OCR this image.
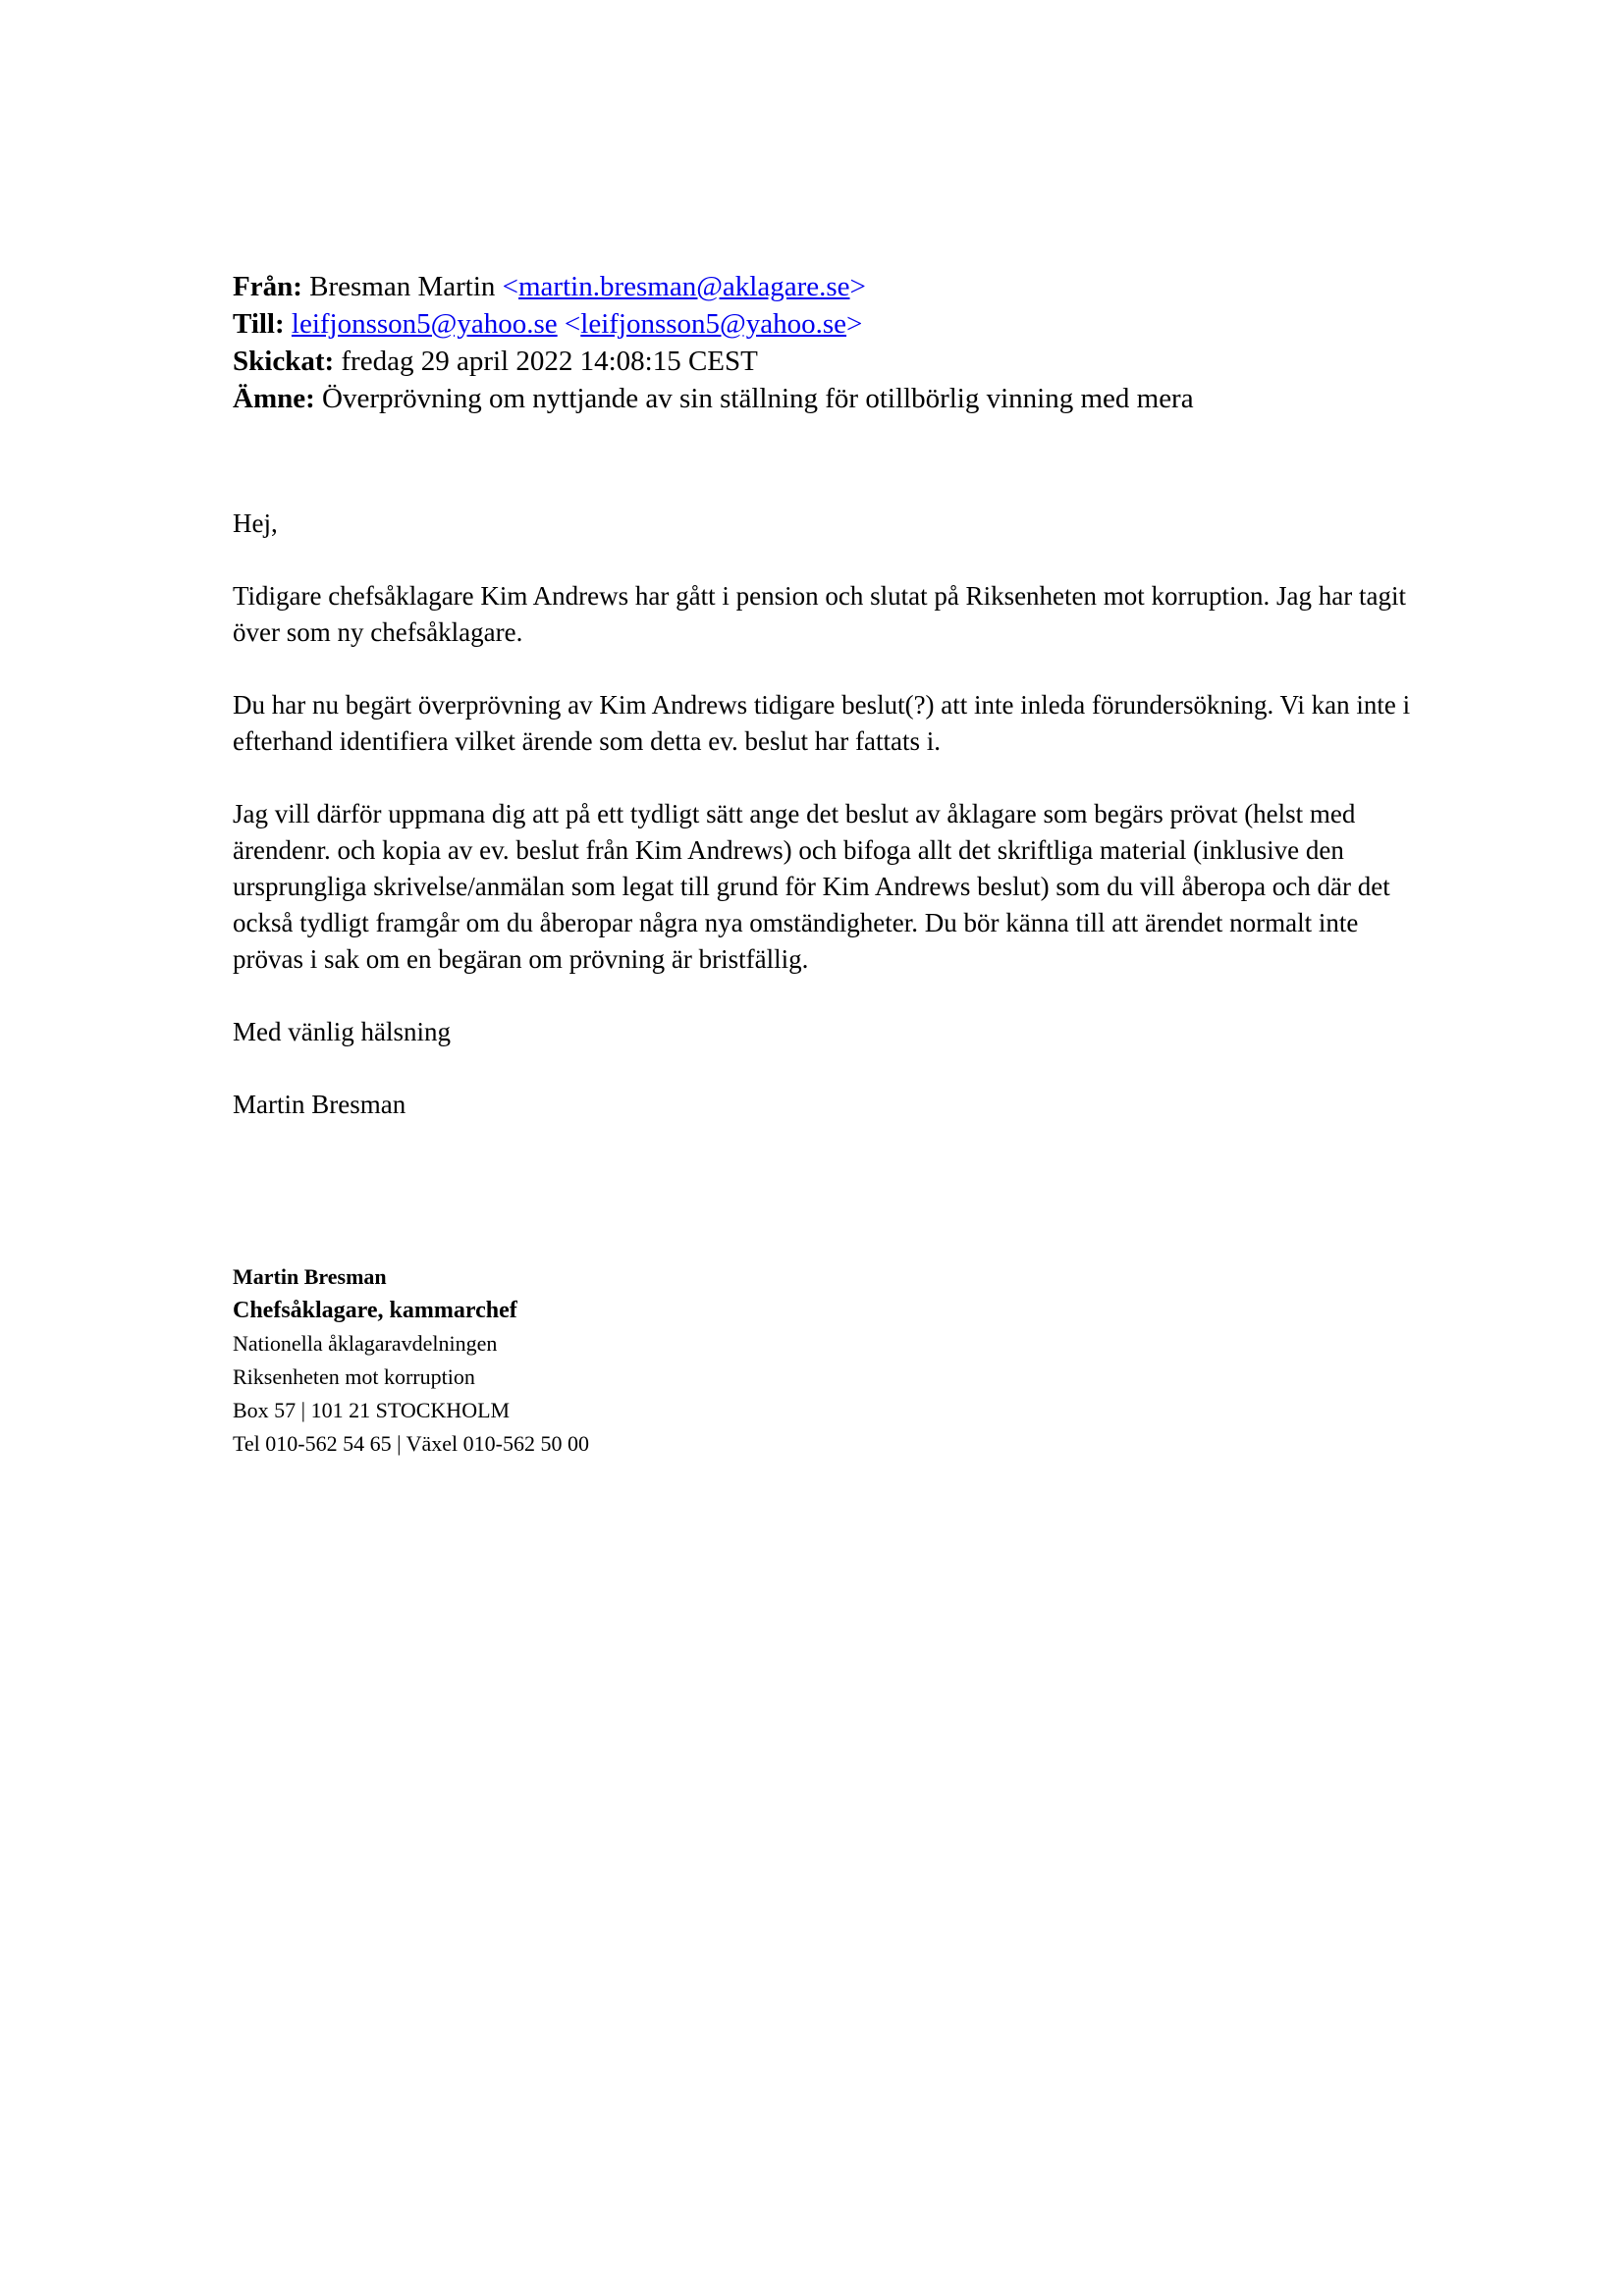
Från: Bresman Martin <martin.bresman@aklagare.se>
Till: leifjonsson5@yahoo.se <leifjonsson5@yahoo.se>
Skickat: fredag 29 april 2022 14:08:15 CEST
Ämne: Överprövning om nyttjande av sin ställning för otillbörlig vinning med mera

Hej,

Tidigare chefsåklagare Kim Andrews har gått i pension och slutat på Riksenheten mot korruption. Jag har tagit över som ny chefsåklagare.

Du har nu begärt överprövning av Kim Andrews tidigare beslut(?) att inte inleda förundersökning. Vi kan inte i efterhand identifiera vilket ärende som detta ev. beslut har fattats i.

Jag vill därför uppmana dig att på ett tydligt sätt ange det beslut av åklagare som begärs prövat (helst med ärendenr. och kopia av ev. beslut från Kim Andrews) och bifoga allt det skriftliga material (inklusive den ursprungliga skrivelse/anmälan som legat till grund för Kim Andrews beslut) som du vill åberopa och där det också tydligt framgår om du åberopar några nya omständigheter. Du bör känna till att ärendet normalt inte prövas i sak om en begäran om prövning är bristfällig.

Med vänlig hälsning

Martin Bresman

Martin Bresman
Chefsåklagare, kammarchef
Nationella åklagaravdelningen
Riksenheten mot korruption
Box 57 | 101 21 STOCKHOLM
Tel 010-562 54 65 | Växel 010-562 50 00
